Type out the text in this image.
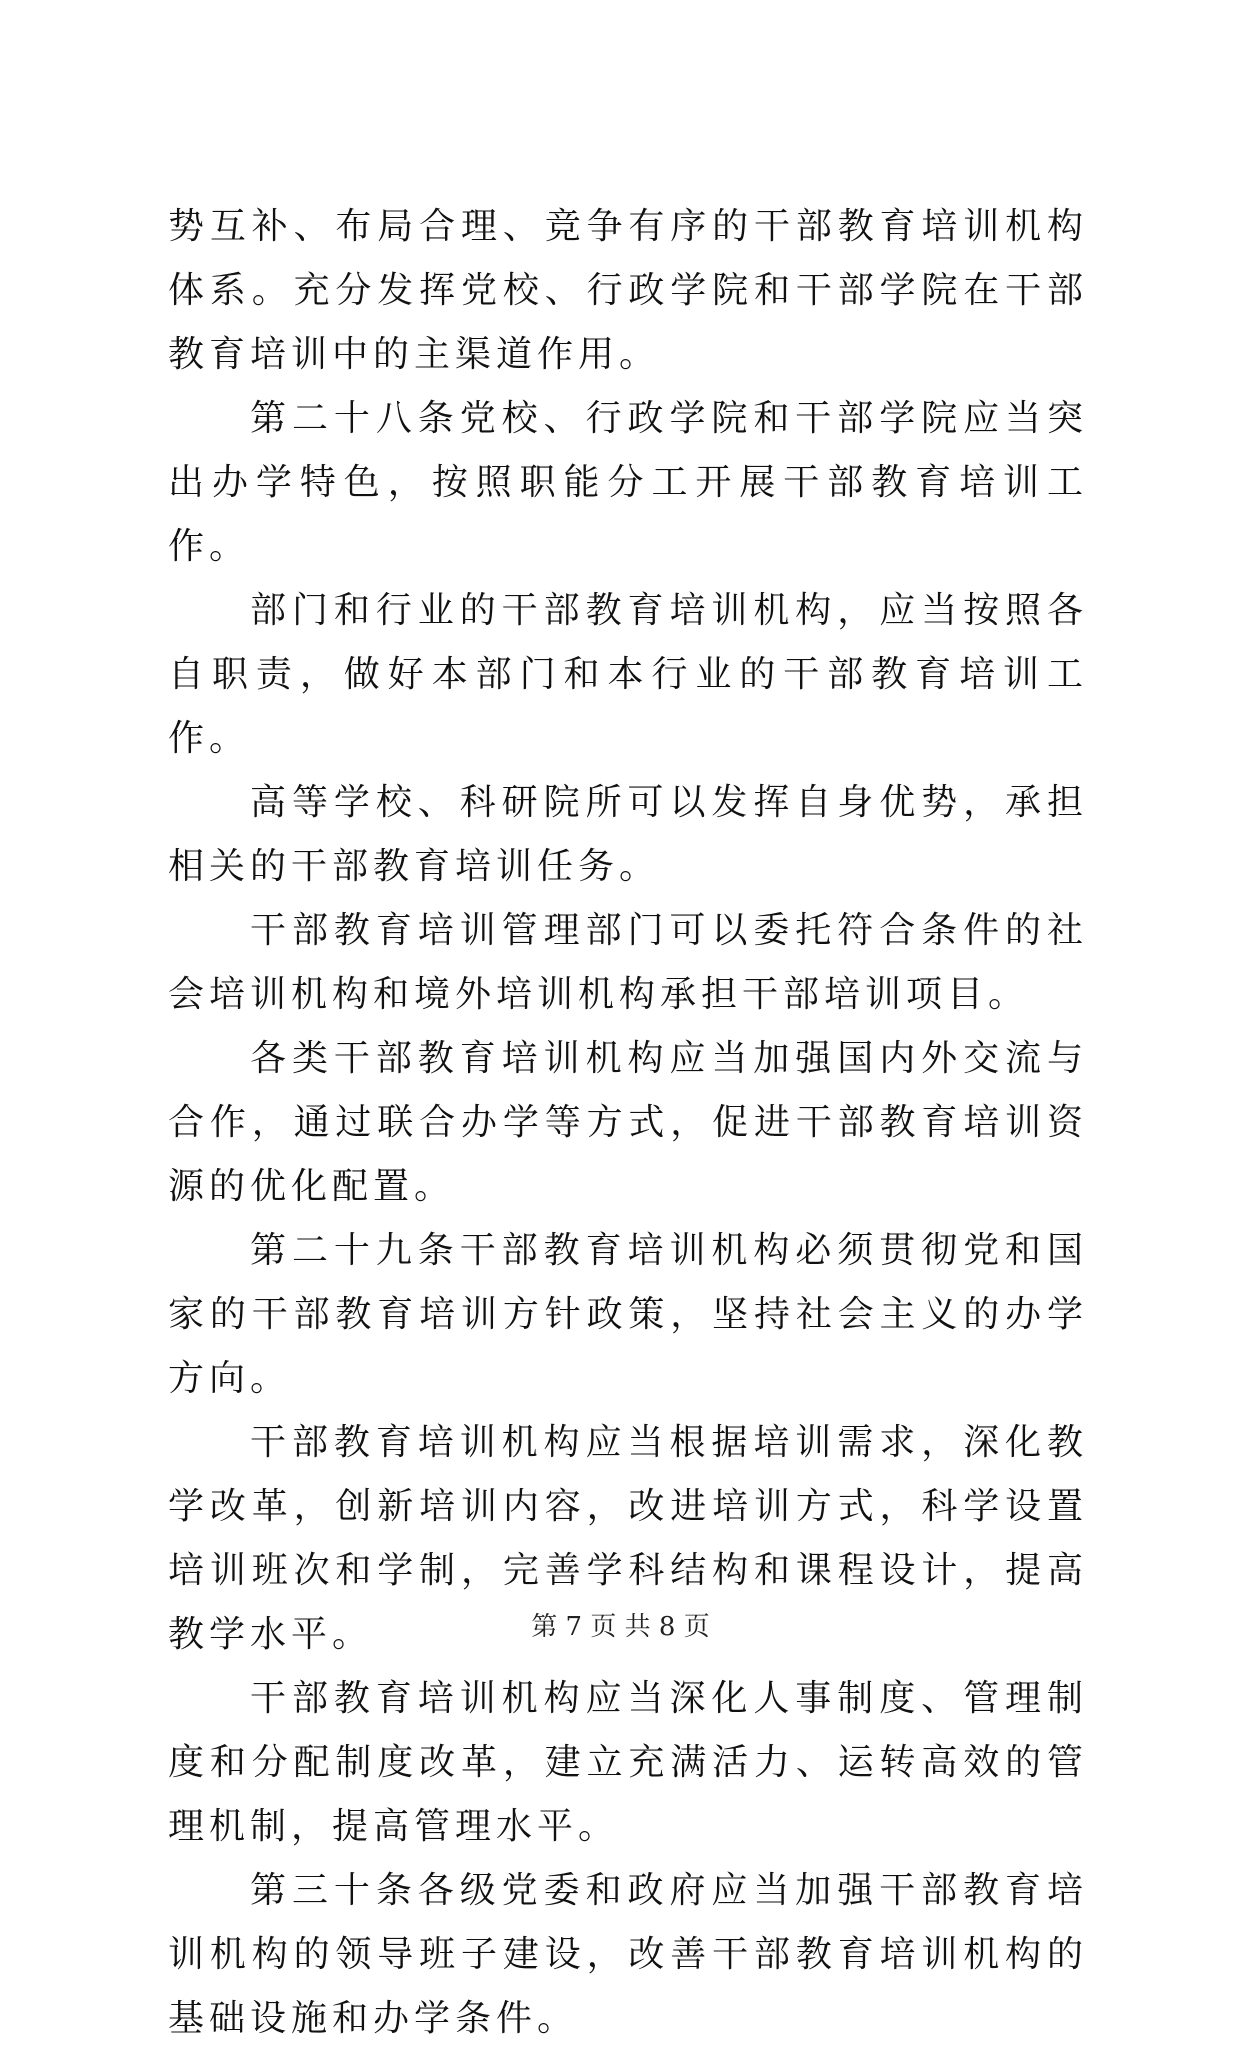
势互补、布局合理、竞争有序的干部教育培训机构体系。充分发挥党校、行政学院和干部学院在干部教育培训中的主渠道作用。

第二十八条党校、行政学院和干部学院应当突出办学特色，按照职能分工开展干部教育培训工作。

部门和行业的干部教育培训机构，应当按照各自职责，做好本部门和本行业的干部教育培训工作。

高等学校、科研院所可以发挥自身优势，承担相关的干部教育培训任务。

干部教育培训管理部门可以委托符合条件的社会培训机构和境外培训机构承担干部培训项目。

各类干部教育培训机构应当加强国内外交流与合作，通过联合办学等方式，促进干部教育培训资源的优化配置。

第二十九条干部教育培训机构必须贯彻党和国家的干部教育培训方针政策，坚持社会主义的办学方向。

干部教育培训机构应当根据培训需求，深化教学改革，创新培训内容，改进培训方式，科学设置培训班次和学制，完善学科结构和课程设计，提高教学水平。

干部教育培训机构应当深化人事制度、管理制度和分配制度改革，建立充满活力、运转高效的管理机制，提高管理水平。

第三十条各级党委和政府应当加强干部教育培训机构的领导班子建设，改善干部教育培训机构的基础设施和办学条件。

第 7 页 共 8 页
